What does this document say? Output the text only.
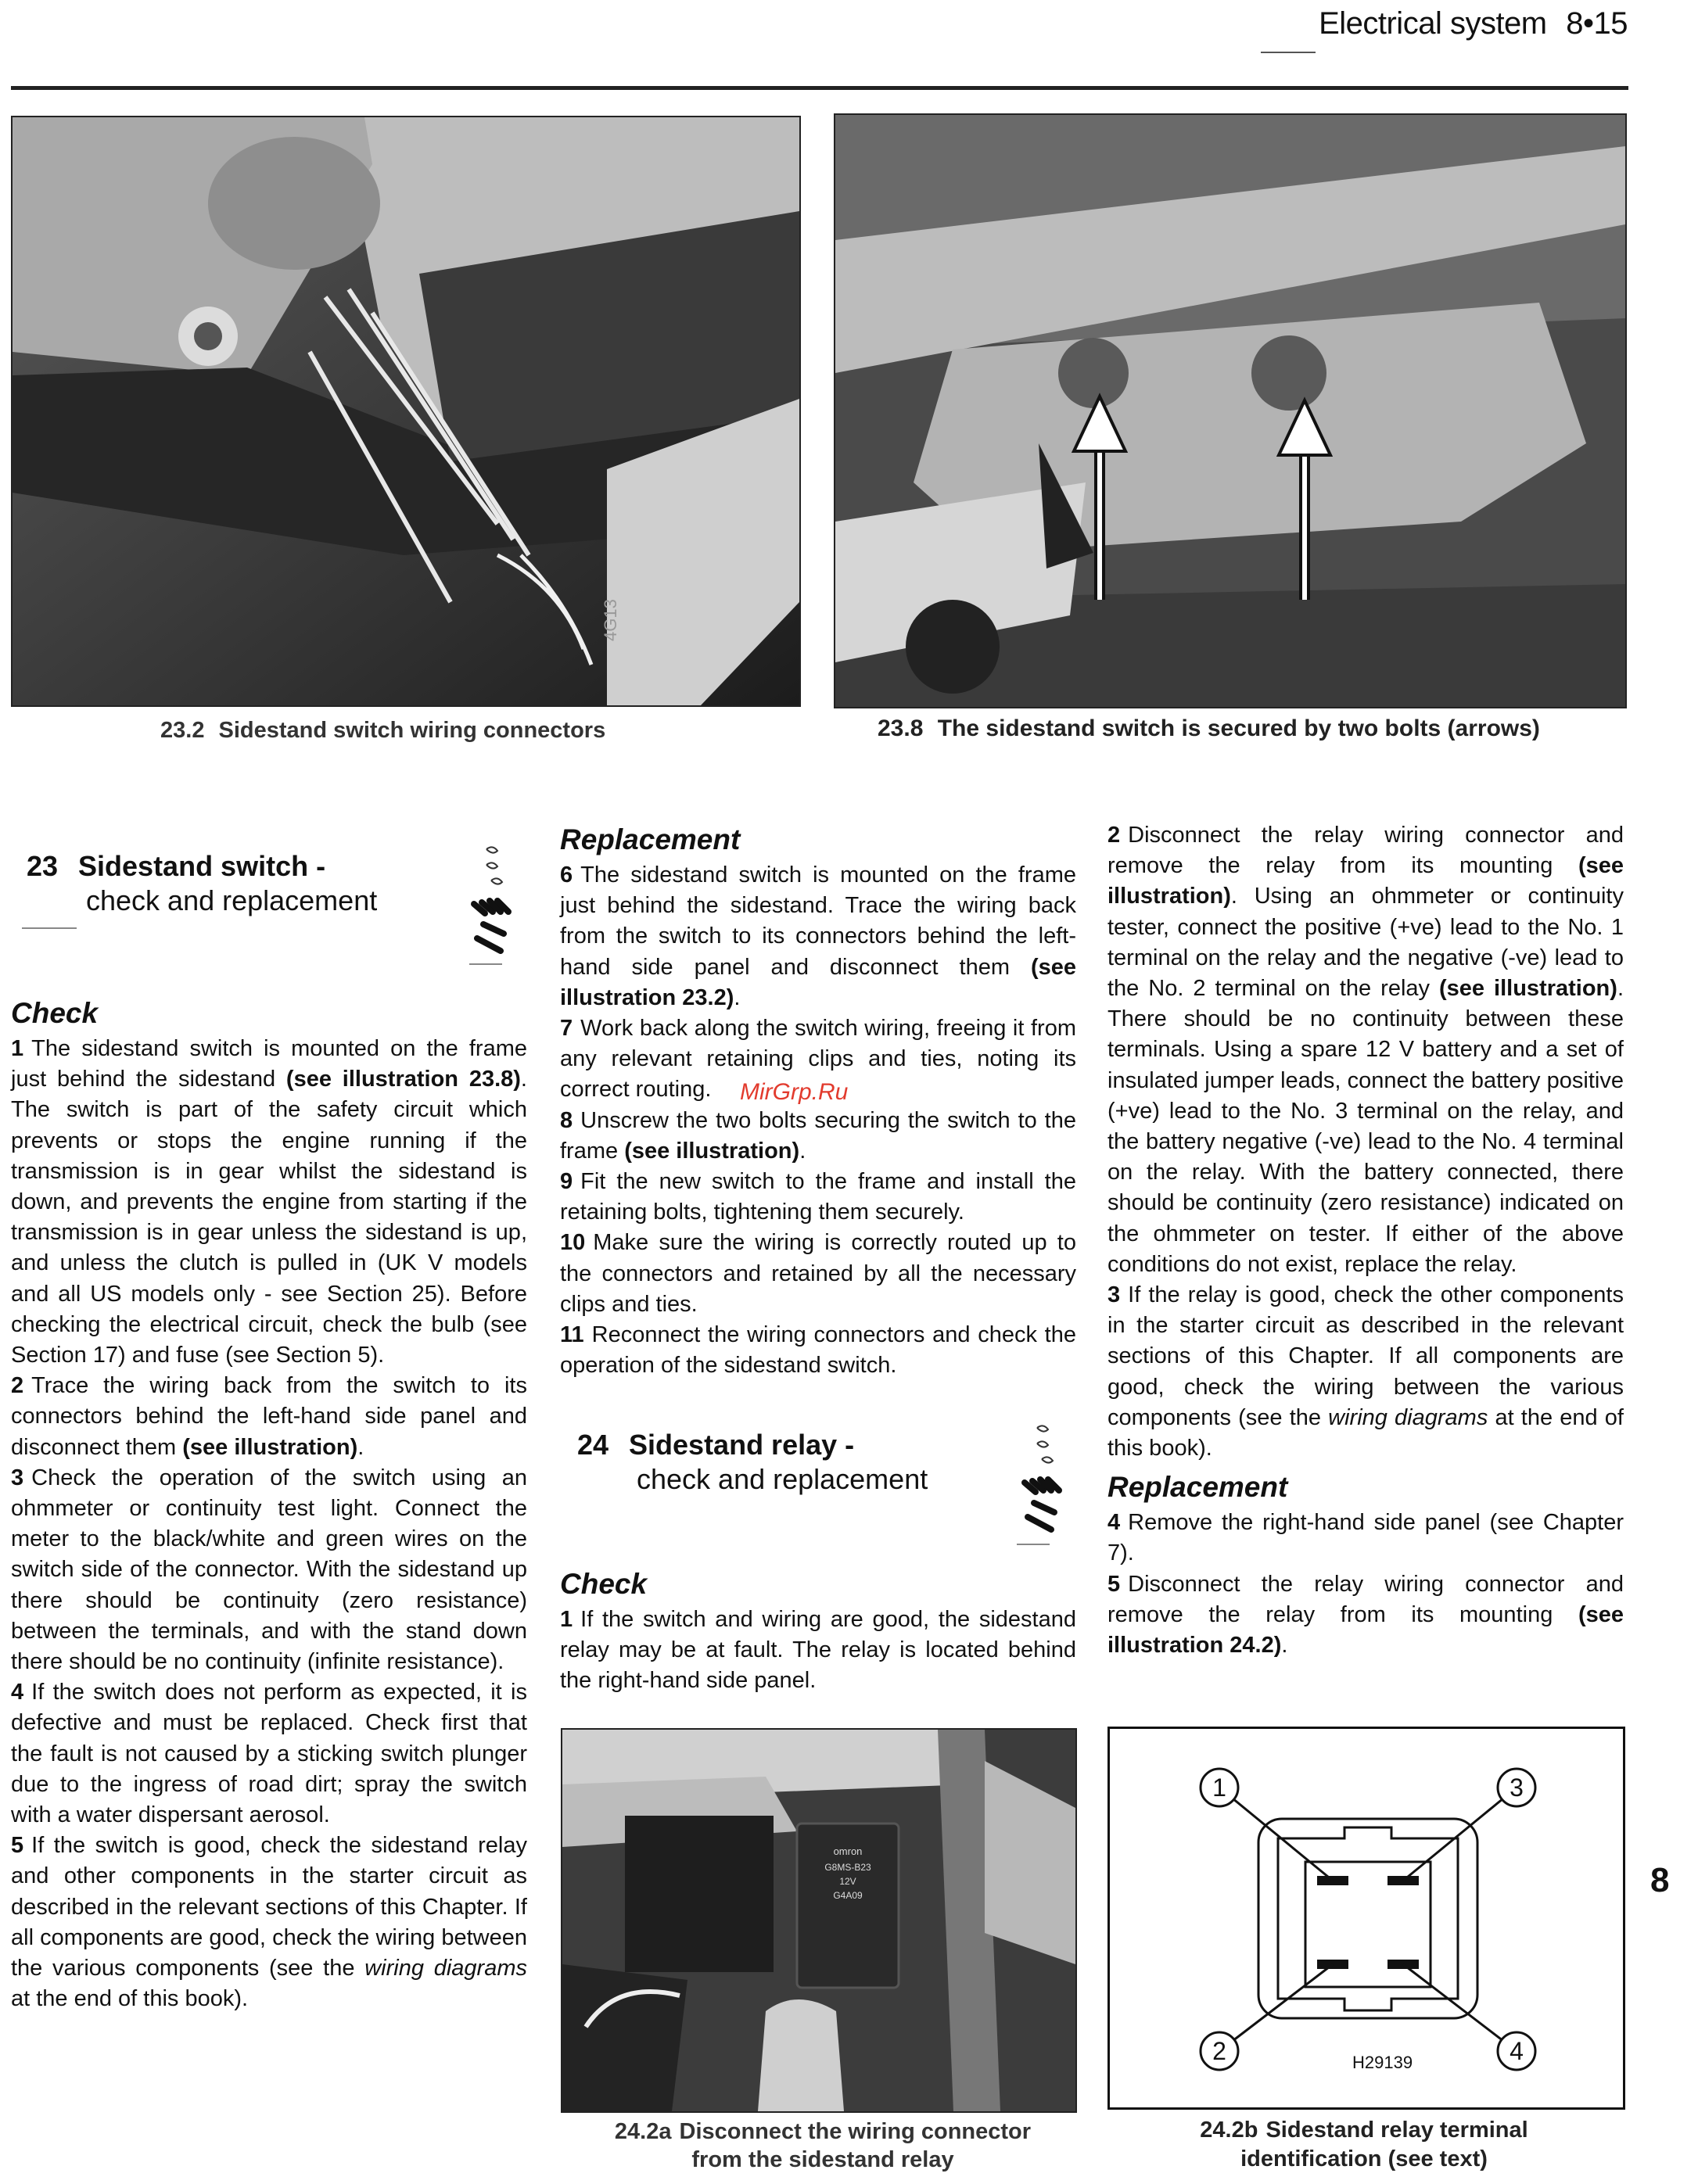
Electrical system 8•15
4G13
23.2 Sidestand switch wiring connectors	23.8 The sidestand switch is secured by two bolts (arrows)
23 Sidestand switch -
check and replacement
Check

1 The sidestand switch is mounted on the frame just behind the sidestand (see illustration 23.8). The switch is part of the safety circuit which prevents or stops the engine running if the transmission is in gear whilst the sidestand is down, and prevents the engine from starting if the transmission is in gear unless the sidestand is up, and unless the clutch is pulled in (UK V models and all US models only - see Section 25). Before checking the electrical circuit, check the bulb (see Section 17) and fuse (see Section 5).

2 Trace the wiring back from the switch to its connectors behind the left-hand side panel and disconnect them (see illustration).

3 Check the operation of the switch using an ohmmeter or continuity test light. Connect the meter to the black/white and green wires on the switch side of the connector. With the sidestand up there should be continuity (zero resistance) between the terminals, and with the stand down there should be no continuity (infinite resistance).

4 If the switch does not perform as expected, it is defective and must be replaced. Check first that the fault is not caused by a sticking switch plunger due to the ingress of road dirt; spray the switch with a water dispersant aerosol.

5 If the switch is good, check the sidestand relay and other components in the starter circuit as described in the relevant sections of this Chapter. If all components are good, check the wiring between the various components (see the wiring diagrams at the end of this book).

Replacement

6 The sidestand switch is mounted on the frame just behind the sidestand. Trace the wiring back from the switch to its connectors behind the left-hand side panel and disconnect them (see illustration 23.2).

7 Work back along the switch wiring, freeing it from any relevant retaining clips and ties, noting its correct routing.

8 Unscrew the two bolts securing the switch to the frame (see illustration).

9 Fit the new switch to the frame and install the retaining bolts, tightening them securely.

10 Make sure the wiring is correctly routed up to the connectors and retained by all the necessary clips and ties.

11 Reconnect the wiring connectors and check the operation of the sidestand switch.

MirGrp.Ru
24 Sidestand relay -
check and replacement
Check

1 If the switch and wiring are good, the sidestand relay may be at fault. The relay is located behind the right-hand side panel.

omron
G8MS-B23
12V
G4A09
24.2a Disconnect the wiring connector
from the sidestand relay

2 Disconnect the relay wiring connector and remove the relay from its mounting (see illustration). Using an ohmmeter or continuity tester, connect the positive (+ve) lead to the No. 1 terminal on the relay and the negative (-ve) lead to the No. 2 terminal on the relay (see illustration). There should be no continuity between these terminals. Using a spare 12 V battery and a set of insulated jumper leads, connect the battery positive (+ve) lead to the No. 3 terminal on the relay, and the battery negative (-ve) lead to the No. 4 terminal on the relay. With the battery connected, there should be continuity (zero resistance) indicated on the ohmmeter on tester. If either of the above conditions do not exist, replace the relay.

3 If the relay is good, check the other components in the starter circuit as described in the relevant sections of this Chapter. If all components are good, check the wiring between the various components (see the wiring diagrams at the end of this book).

Replacement

4 Remove the right-hand side panel (see Chapter 7).

5 Disconnect the relay wiring connector and remove the relay from its mounting (see illustration 24.2).

1
2
3
4
H29139
24.2b Sidestand relay terminal
identification (see text)
8
